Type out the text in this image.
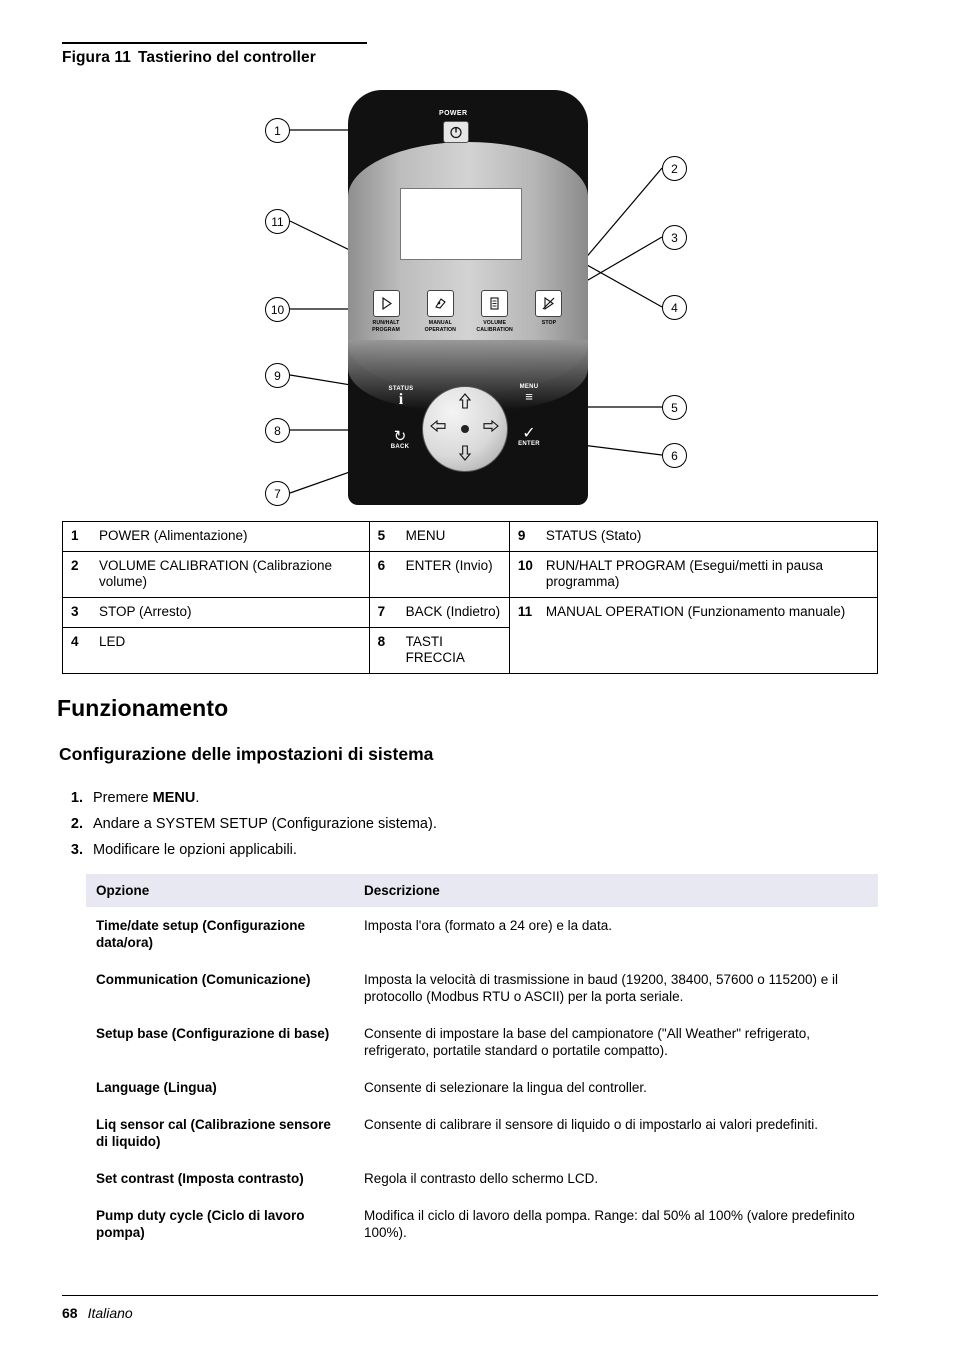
Figura 11 Tastierino del controller
POWER
RUN/HALT
PROGRAM
MANUAL
OPERATION
VOLUME
CALIBRATION
STOP
STATUS
i
↻
BACK
MENU
≡
✓
ENTER
1
2
3
4
5
6
7
8
9
10
11
1	POWER (Alimentazione)	5	MENU	9	STATUS (Stato)
2	VOLUME CALIBRATION (Calibrazione volume)	6	ENTER (Invio)	10	RUN/HALT PROGRAM (Esegui/metti in pausa programma)
3	STOP (Arresto)	7	BACK (Indietro)	11	MANUAL OPERATION (Funzionamento manuale)
4	LED	8	TASTI FRECCIA		
Funzionamento
Configurazione delle impostazioni di sistema
1. Premere MENU.
2. Andare a SYSTEM SETUP (Configurazione sistema).
3. Modificare le opzioni applicabili.
Opzione	Descrizione
Time/date setup (Configurazione data/ora)	Imposta l'ora (formato a 24 ore) e la data.
Communication (Comunicazione)	Imposta la velocità di trasmissione in baud (19200, 38400, 57600 o 115200) e il protocollo (Modbus RTU o ASCII) per la porta seriale.
Setup base (Configurazione di base)	Consente di impostare la base del campionatore ("All Weather" refrigerato, refrigerato, portatile standard o portatile compatto).
Language (Lingua)	Consente di selezionare la lingua del controller.
Liq sensor cal (Calibrazione sensore di liquido)	Consente di calibrare il sensore di liquido o di impostarlo ai valori predefiniti.
Set contrast (Imposta contrasto)	Regola il contrasto dello schermo LCD.
Pump duty cycle (Ciclo di lavoro pompa)	Modifica il ciclo di lavoro della pompa. Range: dal 50% al 100% (valore predefinito 100%).
68 Italiano
